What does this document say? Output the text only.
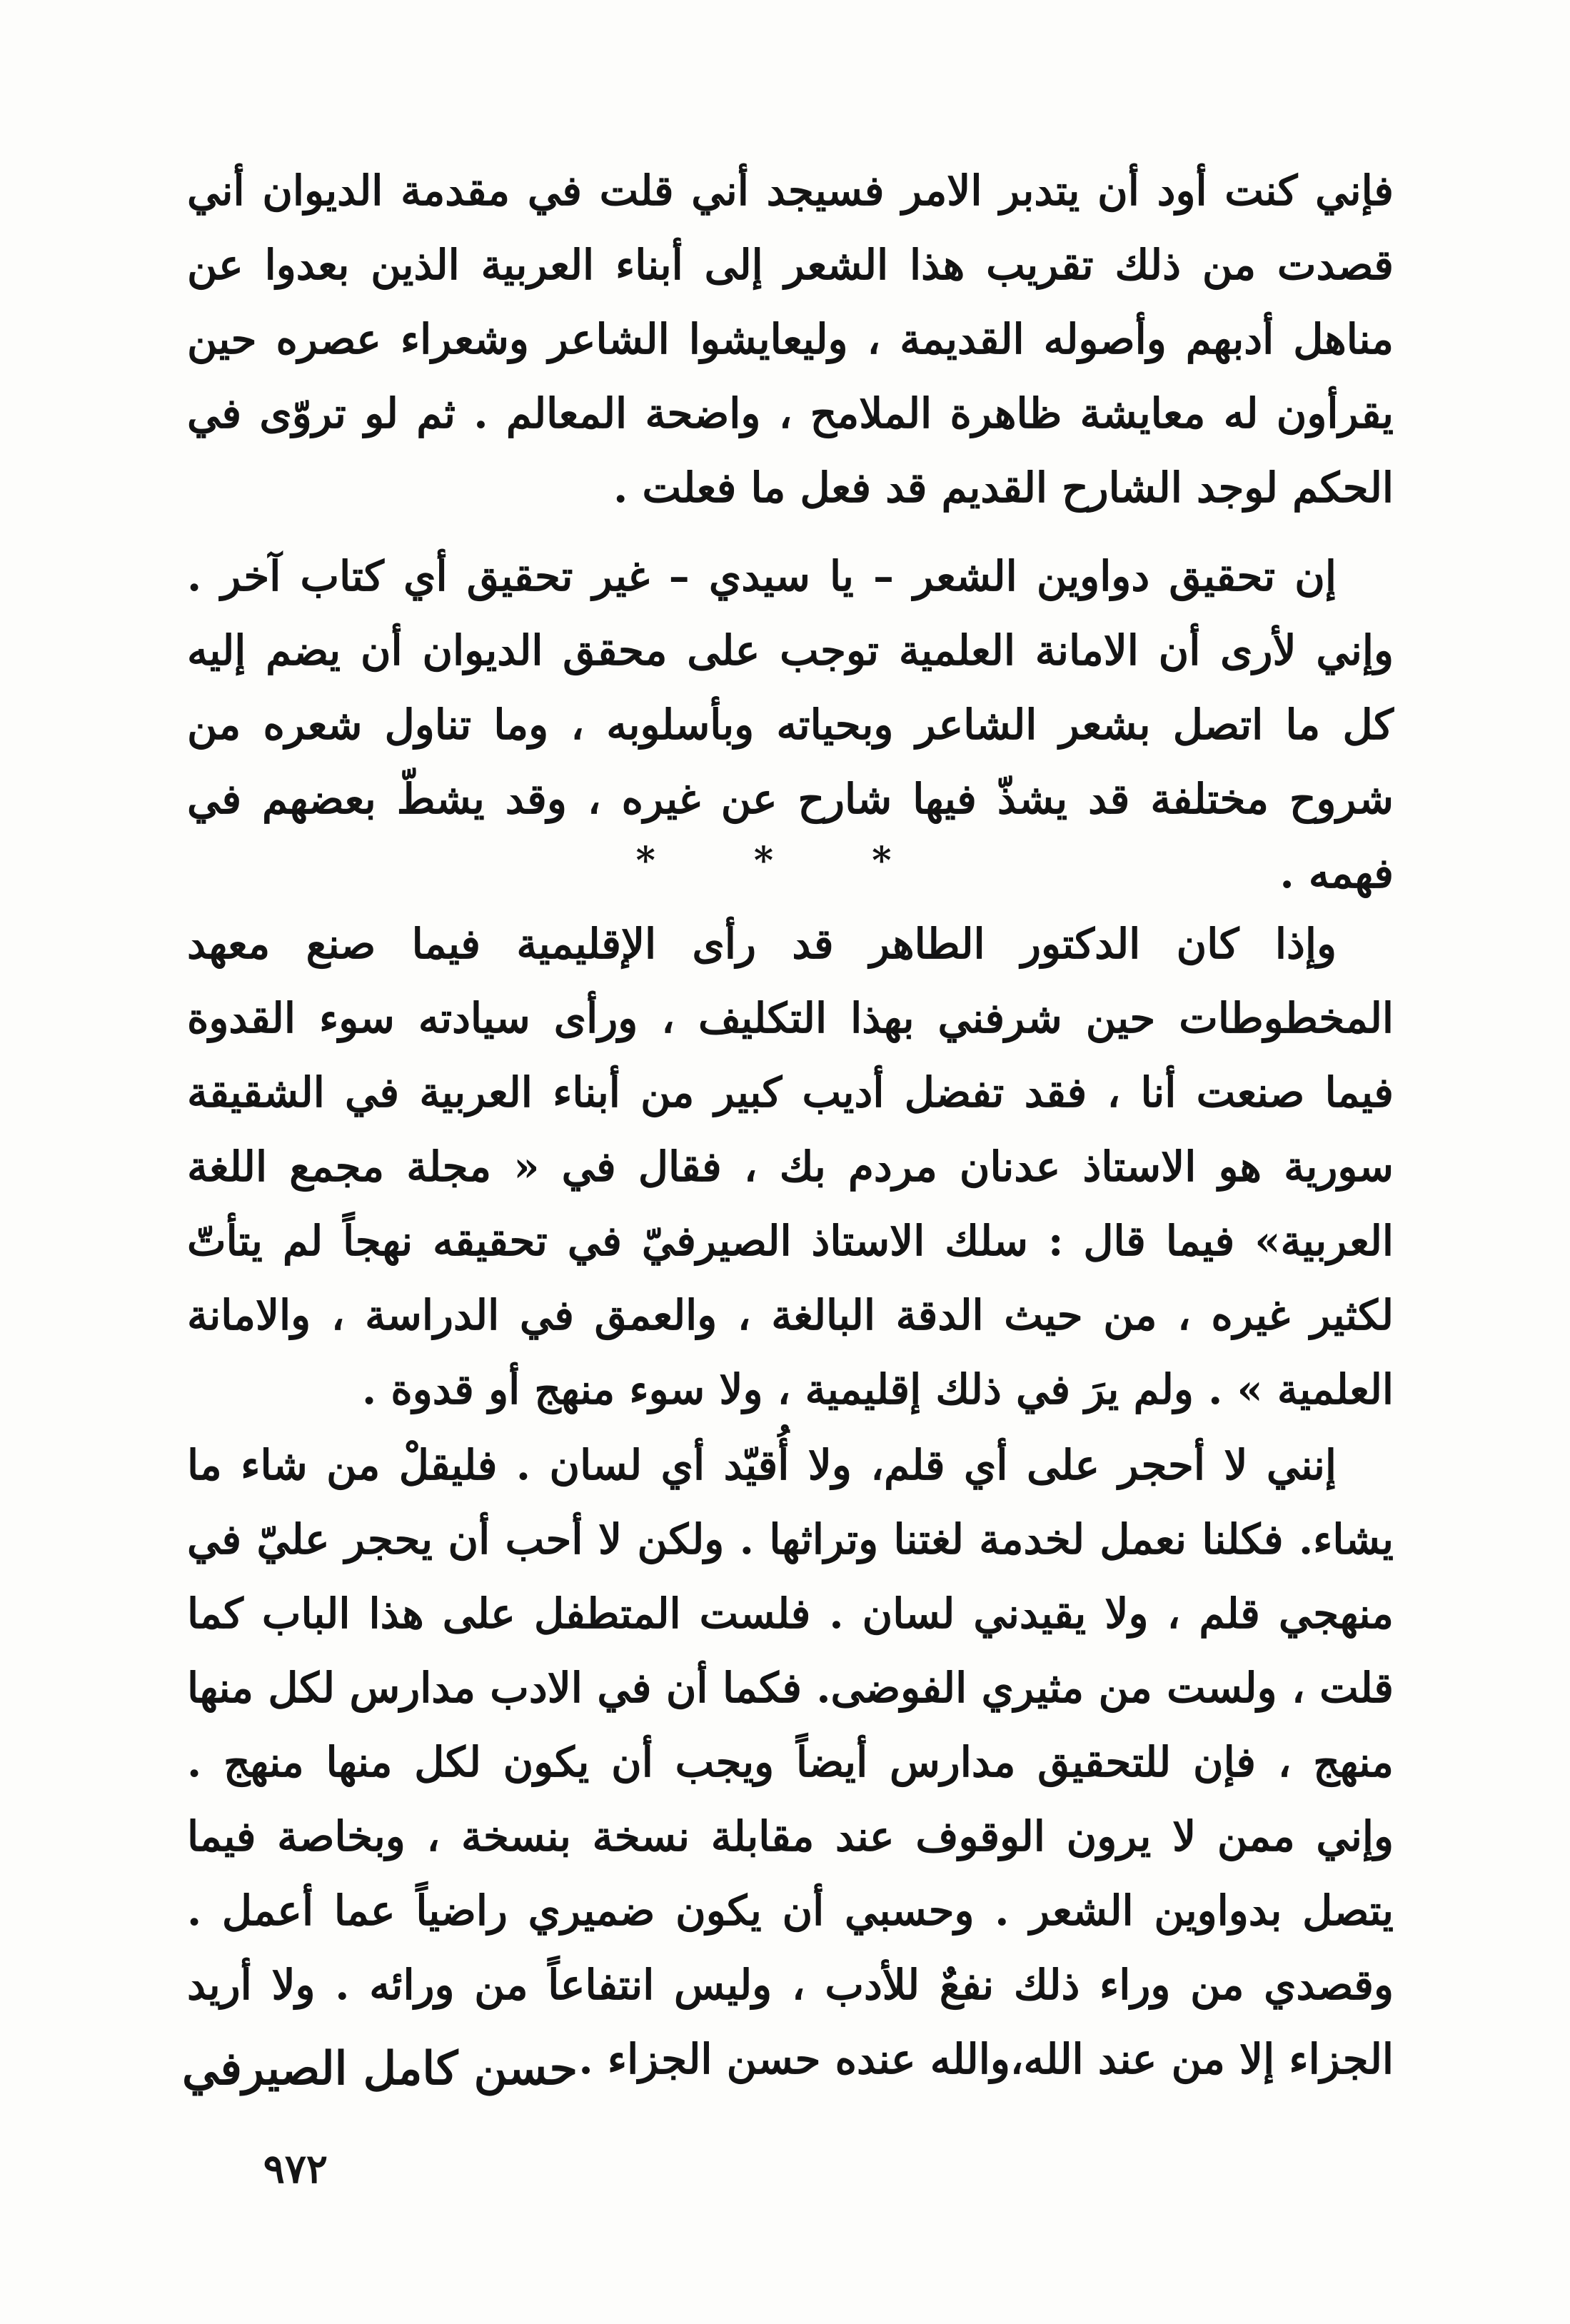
فإني كنت أود أن يتدبر الامر فسيجد أني قلت في مقدمة الديوان أني قصدت من ذلك تقريب هذا الشعر إلى أبناء العربية الذين بعدوا عن مناهل أدبهم وأصوله القديمة ، وليعايشوا الشاعر وشعراء عصره حين يقرأون له معايشة ظاهرة الملامح ، واضحة المعالم . ثم لو تروّى في الحكم لوجد الشارح القديم قد فعل ما فعلت .

إن تحقيق دواوين الشعر – يا سيدي – غير تحقيق أي كتاب آخر . وإني لأرى أن الامانة العلمية توجب على محقق الديوان أن يضم إليه كل ما اتصل بشعر الشاعر وبحياته وبأسلوبه ، وما تناول شعره من شروح مختلفة قد يشذّ فيها شارح عن غيره ، وقد يشطّ بعضهم في فهمه .

* * *

وإذا كان الدكتور الطاهر قد رأى الإقليمية فيما صنع معهد المخطوطات حين شرفني بهذا التكليف ، ورأى سيادته سوء القدوة فيما صنعت أنا ، فقد تفضل أديب كبير من أبناء العربية في الشقيقة سورية هو الاستاذ عدنان مردم بك ، فقال في « مجلة مجمع اللغة العربية» فيما قال : سلك الاستاذ الصيرفيّ في تحقيقه نهجاً لم يتأتّ لكثير غيره ، من حيث الدقة البالغة ، والعمق في الدراسة ، والامانة العلمية » . ولم يرَ في ذلك إقليمية ، ولا سوء منهج أو قدوة .

إنني لا أحجر على أي قلم، ولا أُقيّد أي لسان . فليقلْ من شاء ما يشاء. فكلنا نعمل لخدمة لغتنا وتراثها . ولكن لا أحب أن يحجر عليّ في منهجي قلم ، ولا يقيدني لسان . فلست المتطفل على هذا الباب كما قلت ، ولست من مثيري الفوضى. فكما أن في الادب مدارس لكل منها منهج ، فإن للتحقيق مدارس أيضاً ويجب أن يكون لكل منها منهج . وإني ممن لا يرون الوقوف عند مقابلة نسخة بنسخة ، وبخاصة فيما يتصل بدواوين الشعر . وحسبي أن يكون ضميري راضياً عما أعمل . وقصدي من وراء ذلك نفعٌ للأدب ، وليس انتفاعاً من ورائه . ولا أريد الجزاء إلا من عند الله،والله عنده حسن الجزاء .

حسن كامل الصيرفي
٩٧٢
